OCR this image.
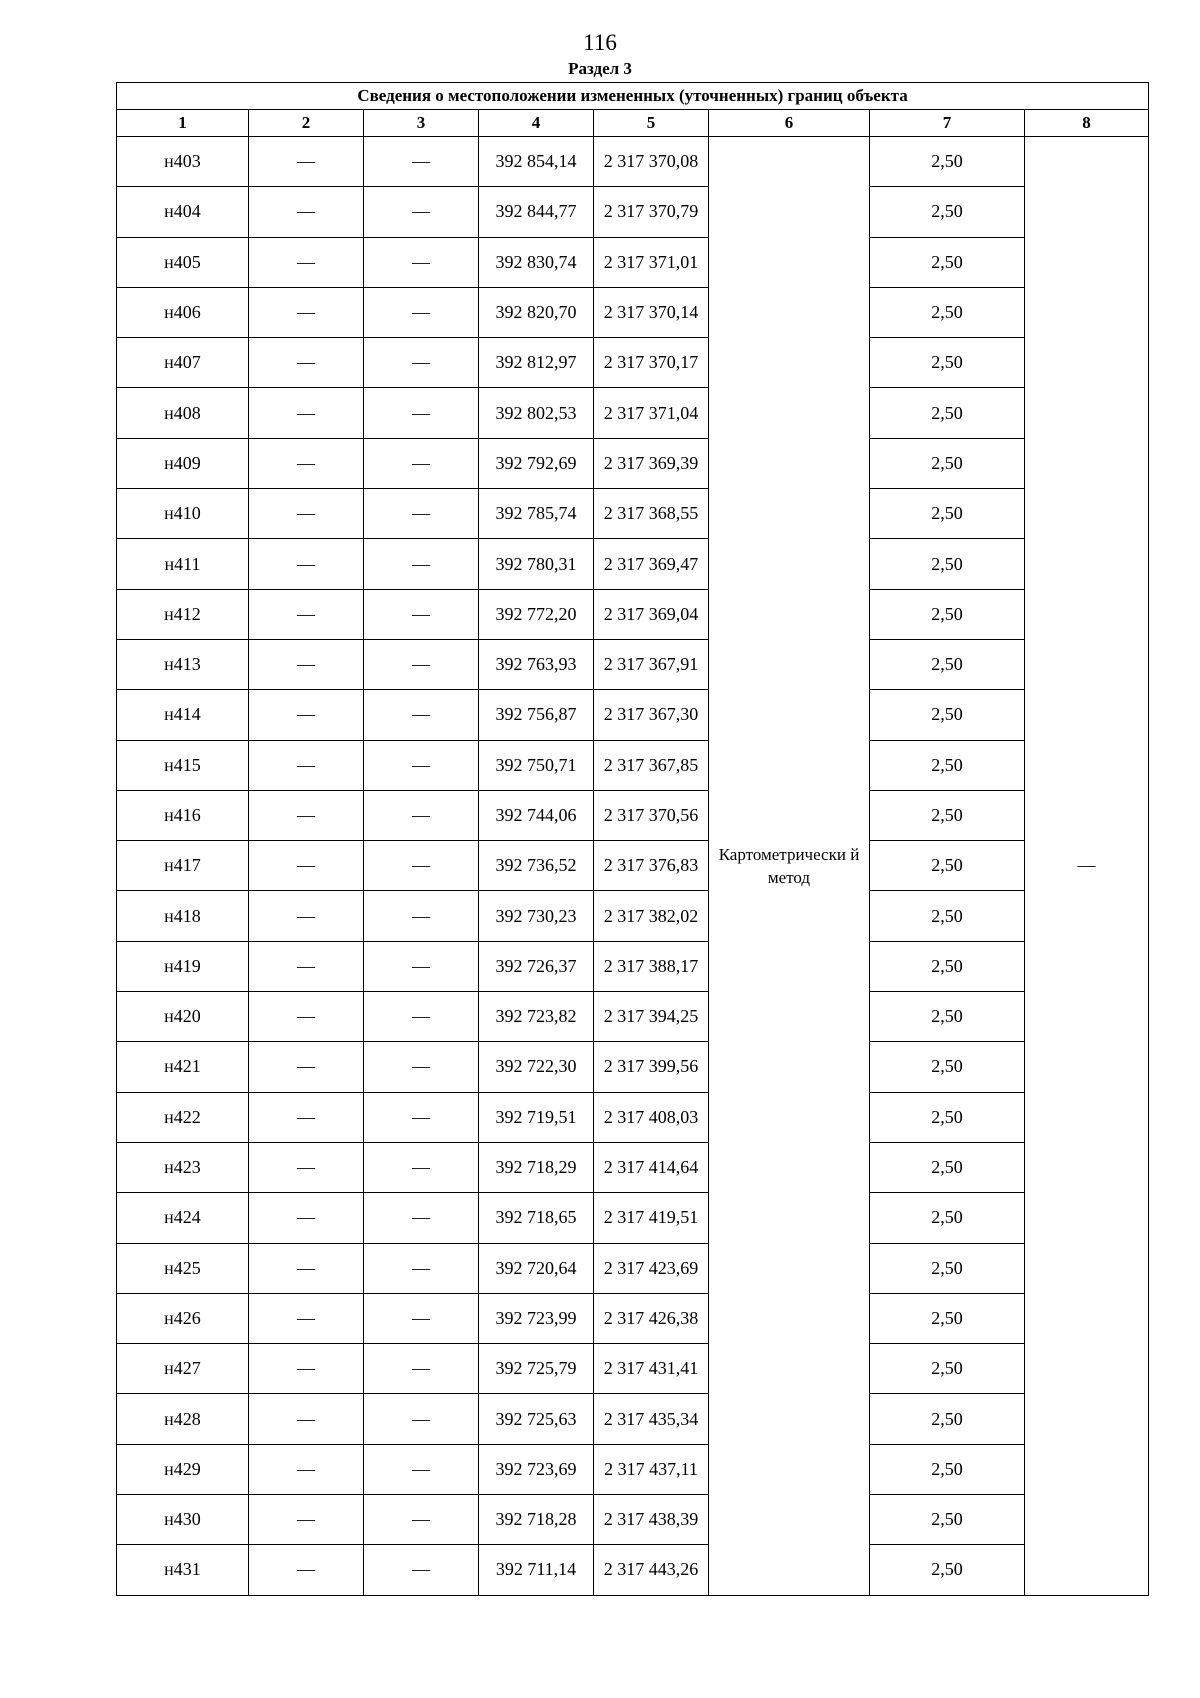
116
Раздел 3
Сведения о местоположении измененных (уточненных) границ объекта							
1	2	3	4	5	6	7	8
н403	—	—	392 854,14	2 317 370,08	Картометрически й метод	2,50	—
н404	—	—	392 844,77	2 317 370,79		2,50	
н405	—	—	392 830,74	2 317 371,01		2,50	
н406	—	—	392 820,70	2 317 370,14		2,50	
н407	—	—	392 812,97	2 317 370,17		2,50	
н408	—	—	392 802,53	2 317 371,04		2,50	
н409	—	—	392 792,69	2 317 369,39		2,50	
н410	—	—	392 785,74	2 317 368,55		2,50	
н411	—	—	392 780,31	2 317 369,47		2,50	
н412	—	—	392 772,20	2 317 369,04		2,50	
н413	—	—	392 763,93	2 317 367,91		2,50	
н414	—	—	392 756,87	2 317 367,30		2,50	
н415	—	—	392 750,71	2 317 367,85		2,50	
н416	—	—	392 744,06	2 317 370,56		2,50	
н417	—	—	392 736,52	2 317 376,83		2,50	
н418	—	—	392 730,23	2 317 382,02		2,50	
н419	—	—	392 726,37	2 317 388,17		2,50	
н420	—	—	392 723,82	2 317 394,25		2,50	
н421	—	—	392 722,30	2 317 399,56		2,50	
н422	—	—	392 719,51	2 317 408,03		2,50	
н423	—	—	392 718,29	2 317 414,64		2,50	
н424	—	—	392 718,65	2 317 419,51		2,50	
н425	—	—	392 720,64	2 317 423,69		2,50	
н426	—	—	392 723,99	2 317 426,38		2,50	
н427	—	—	392 725,79	2 317 431,41		2,50	
н428	—	—	392 725,63	2 317 435,34		2,50	
н429	—	—	392 723,69	2 317 437,11		2,50	
н430	—	—	392 718,28	2 317 438,39		2,50	
н431	—	—	392 711,14	2 317 443,26		2,50	
